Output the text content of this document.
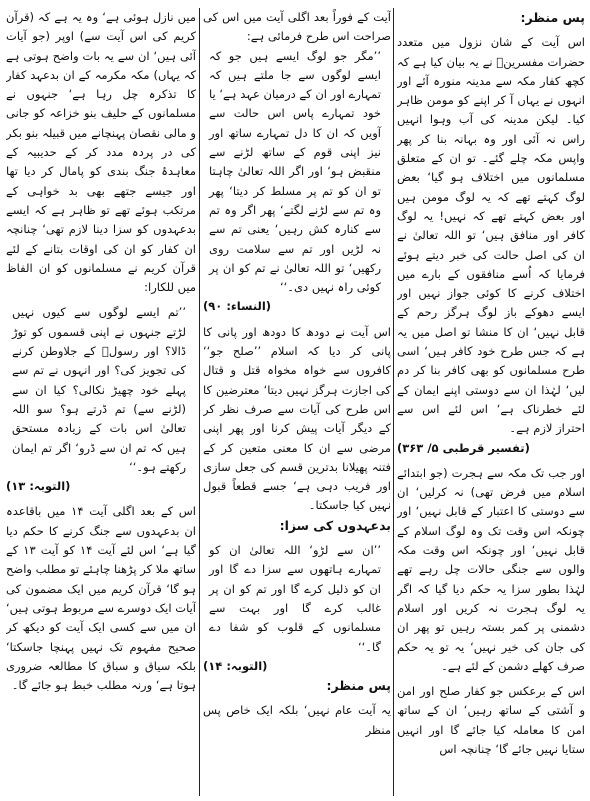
پس منظر:

اس آیت کے شان نزول میں متعدد حضرات مفسرینؒ نے یہ بیان کیا ہے کہ کچھ کفار مکہ سے مدینہ منورہ آئے اور انہوں نے یہاں آ کر اپنے کو مومن ظاہر کیا۔ لیکن مدینہ کی آب وہوا انہیں راس نہ آئی اور وہ بہانہ بنا کر پھر واپس مکہ چلے گئے۔ تو ان کے متعلق مسلمانوں میں اختلاف ہو گیا‘ بعض لوگ کہتے تھے کہ یہ لوگ مومن ہیں اور بعض کہتے تھے کہ نہیں! یہ لوگ کافر اور منافق ہیں‘ تو اللہ تعالیٰ نے ان کی اصل حالت کی خبر دیتے ہوئے فرمایا کہ اُسے منافقوں کے بارے میں اختلاف کرنے کا کوئی جواز نہیں اور ایسے دھوکے باز لوگ ہرگز رحم کے قابل نہیں‘ ان کا منشا تو اصل میں یہ ہے کہ جس طرح خود کافر ہیں‘ اسی طرح مسلمانوں کو بھی کافر بنا کر دم لیں‘ لہٰذا ان سے دوستی اپنے ایمان کے لئے خطرناک ہے‘ اس لئے اس سے احتراز لازم ہے۔

(تفسیر قرطبی ۵/ ۳۶۳)

اور جب تک مکہ سے ہجرت (جو ابتدائے اسلام میں فرض تھی) نہ کرلیں‘ ان سے دوستی کا اعتبار کے قابل نہیں‘ اور چونکہ اس وقت تک وہ لوگ اسلام کے قابل نہیں‘ اور چونکہ اس وقت مکہ والوں سے جنگی حالات چل رہے تھے لہٰذا بطور سزا یہ حکم دیا گیا کہ اگر یہ لوگ ہجرت نہ کریں اور اسلام دشمنی پر کمر بستہ رہیں تو پھر ان کی جان کی خیر نہیں‘ یہ تو یہ حکم صرف کھلے دشمن کے لئے ہے۔

اس کے برعکس جو کفار صلح اور امن و آشتی کے ساتھ رہیں‘ ان کے ساتھ امن کا معاملہ کیا جائے گا اور انہیں ستایا نہیں جائے گا‘ چنانچہ اس

آیت کے فوراً بعد اگلی آیت میں اس کی صراحت اس طرح فرمائی ہے:

’’مگر جو لوگ ایسے ہیں جو کہ ایسے لوگوں سے جا ملتے ہیں کہ تمہارے اور ان کے درمیان عہد ہے‘ یا خود تمہارے پاس اس حالت سے آویں کہ ان کا دل تمہارے ساتھ اور نیز اپنی قوم کے ساتھ لڑنے سے منقبض ہو‘ اور اگر اللہ تعالیٰ چاہتا تو ان کو تم پر مسلط کر دیتا‘ پھر وہ تم سے لڑنے لگتے‘ پھر اگر وہ تم سے کنارہ کش رہیں‘ یعنی تم سے نہ لڑیں اور تم سے سلامت روی رکھیں‘ تو اللہ تعالیٰ نے تم کو ان پر کوئی راہ نہیں دی۔‘‘

(النساء: ۹۰)

اس آیت نے دودھ کا دودھ اور پانی کا پانی کر دیا کہ اسلام ’’صلح جو‘‘ کافروں سے خواہ مخواہ قتل و قتال کی اجازت ہرگز نہیں دیتا‘ معترضین کا اس طرح کی آیات سے صرف نظر کر کے دیگر آیات پیش کرنا اور پھر اپنی مرضی سے ان کا معنی متعین کر کے فتنہ پھیلانا بدترین قسم کی جعل سازی اور فریب دہی ہے‘ جسے قطعاً قبول نہیں کیا جاسکتا۔

بدعہدوں کی سزا:

’’ان سے لڑو‘ اللہ تعالیٰ ان کو تمہارے ہاتھوں سے سزا دے گا اور ان کو ذلیل کرے گا اور تم کو ان پر غالب کرے گا اور بہت سے مسلمانوں کے قلوب کو شفا دے گا۔‘‘

(التوبہ: ۱۴)

پس منظر:

یہ آیت عام نہیں‘ بلکہ ایک خاص پس منظر

میں نازل ہوئی ہے‘ وہ یہ ہے کہ (قرآن کریم کی اس آیت سے) اوپر (جو آیات آئی ہیں‘ ان سے یہ بات واضح ہوتی ہے کہ یہاں) مکہ مکرمہ کے ان بدعہد کفار کا تذکرہ چل رہا ہے‘ جنہوں نے مسلمانوں کے حلیف بنو خزاعہ کو جانی و مالی نقصان پہنچانے میں قبیلہ بنو بکر کی در پردہ مدد کر کے حدیبیہ کے معاہدۂ جنگ بندی کو پامال کر دیا تھا اور جیسے جتھے بھی بد خواہی کے مرتکب ہوئے تھے تو ظاہر ہے کہ ایسے بدعہدوں کو سزا دینا لازم تھی‘ چنانچہ ان کفار کو ان کی اوقات بتانے کے لئے قرآن کریم نے مسلمانوں کو ان الفاظ میں للکارا:

’’تم ایسے لوگوں سے کیوں نہیں لڑتے جنہوں نے اپنی قسموں کو توڑ ڈالا؟ اور رسولؐ کے جلاوطن کرنے کی تجویز کی؟ اور انہوں نے تم سے پہلے خود چھیڑ نکالی؟ کیا ان سے (لڑنے سے) تم ڈرتے ہو؟ سو اللہ تعالیٰ اس بات کے زیادہ مستحق ہیں کہ تم ان سے ڈرو‘ اگر تم ایمان رکھتے ہو۔‘‘

(التوبہ: ۱۳)

اس کے بعد اگلی آیت ۱۴ میں باقاعدہ ان بدعہدوں سے جنگ کرنے کا حکم دیا گیا ہے‘ اس لئے آیت ۱۴ کو آیت ۱۳ کے ساتھ ملا کر پڑھنا چاہئے تو مطلب واضح ہو گا‘ قرآن کریم میں ایک مضمون کی آیات ایک دوسرے سے مربوط ہوتی ہیں‘ ان میں سے کسی ایک آیت کو دیکھ کر صحیح مفہوم تک نہیں پہنچا جاسکتا‘ بلکہ سیاق و سباق کا مطالعہ ضروری ہوتا ہے‘ ورنہ مطلب خبط ہو جائے گا۔
